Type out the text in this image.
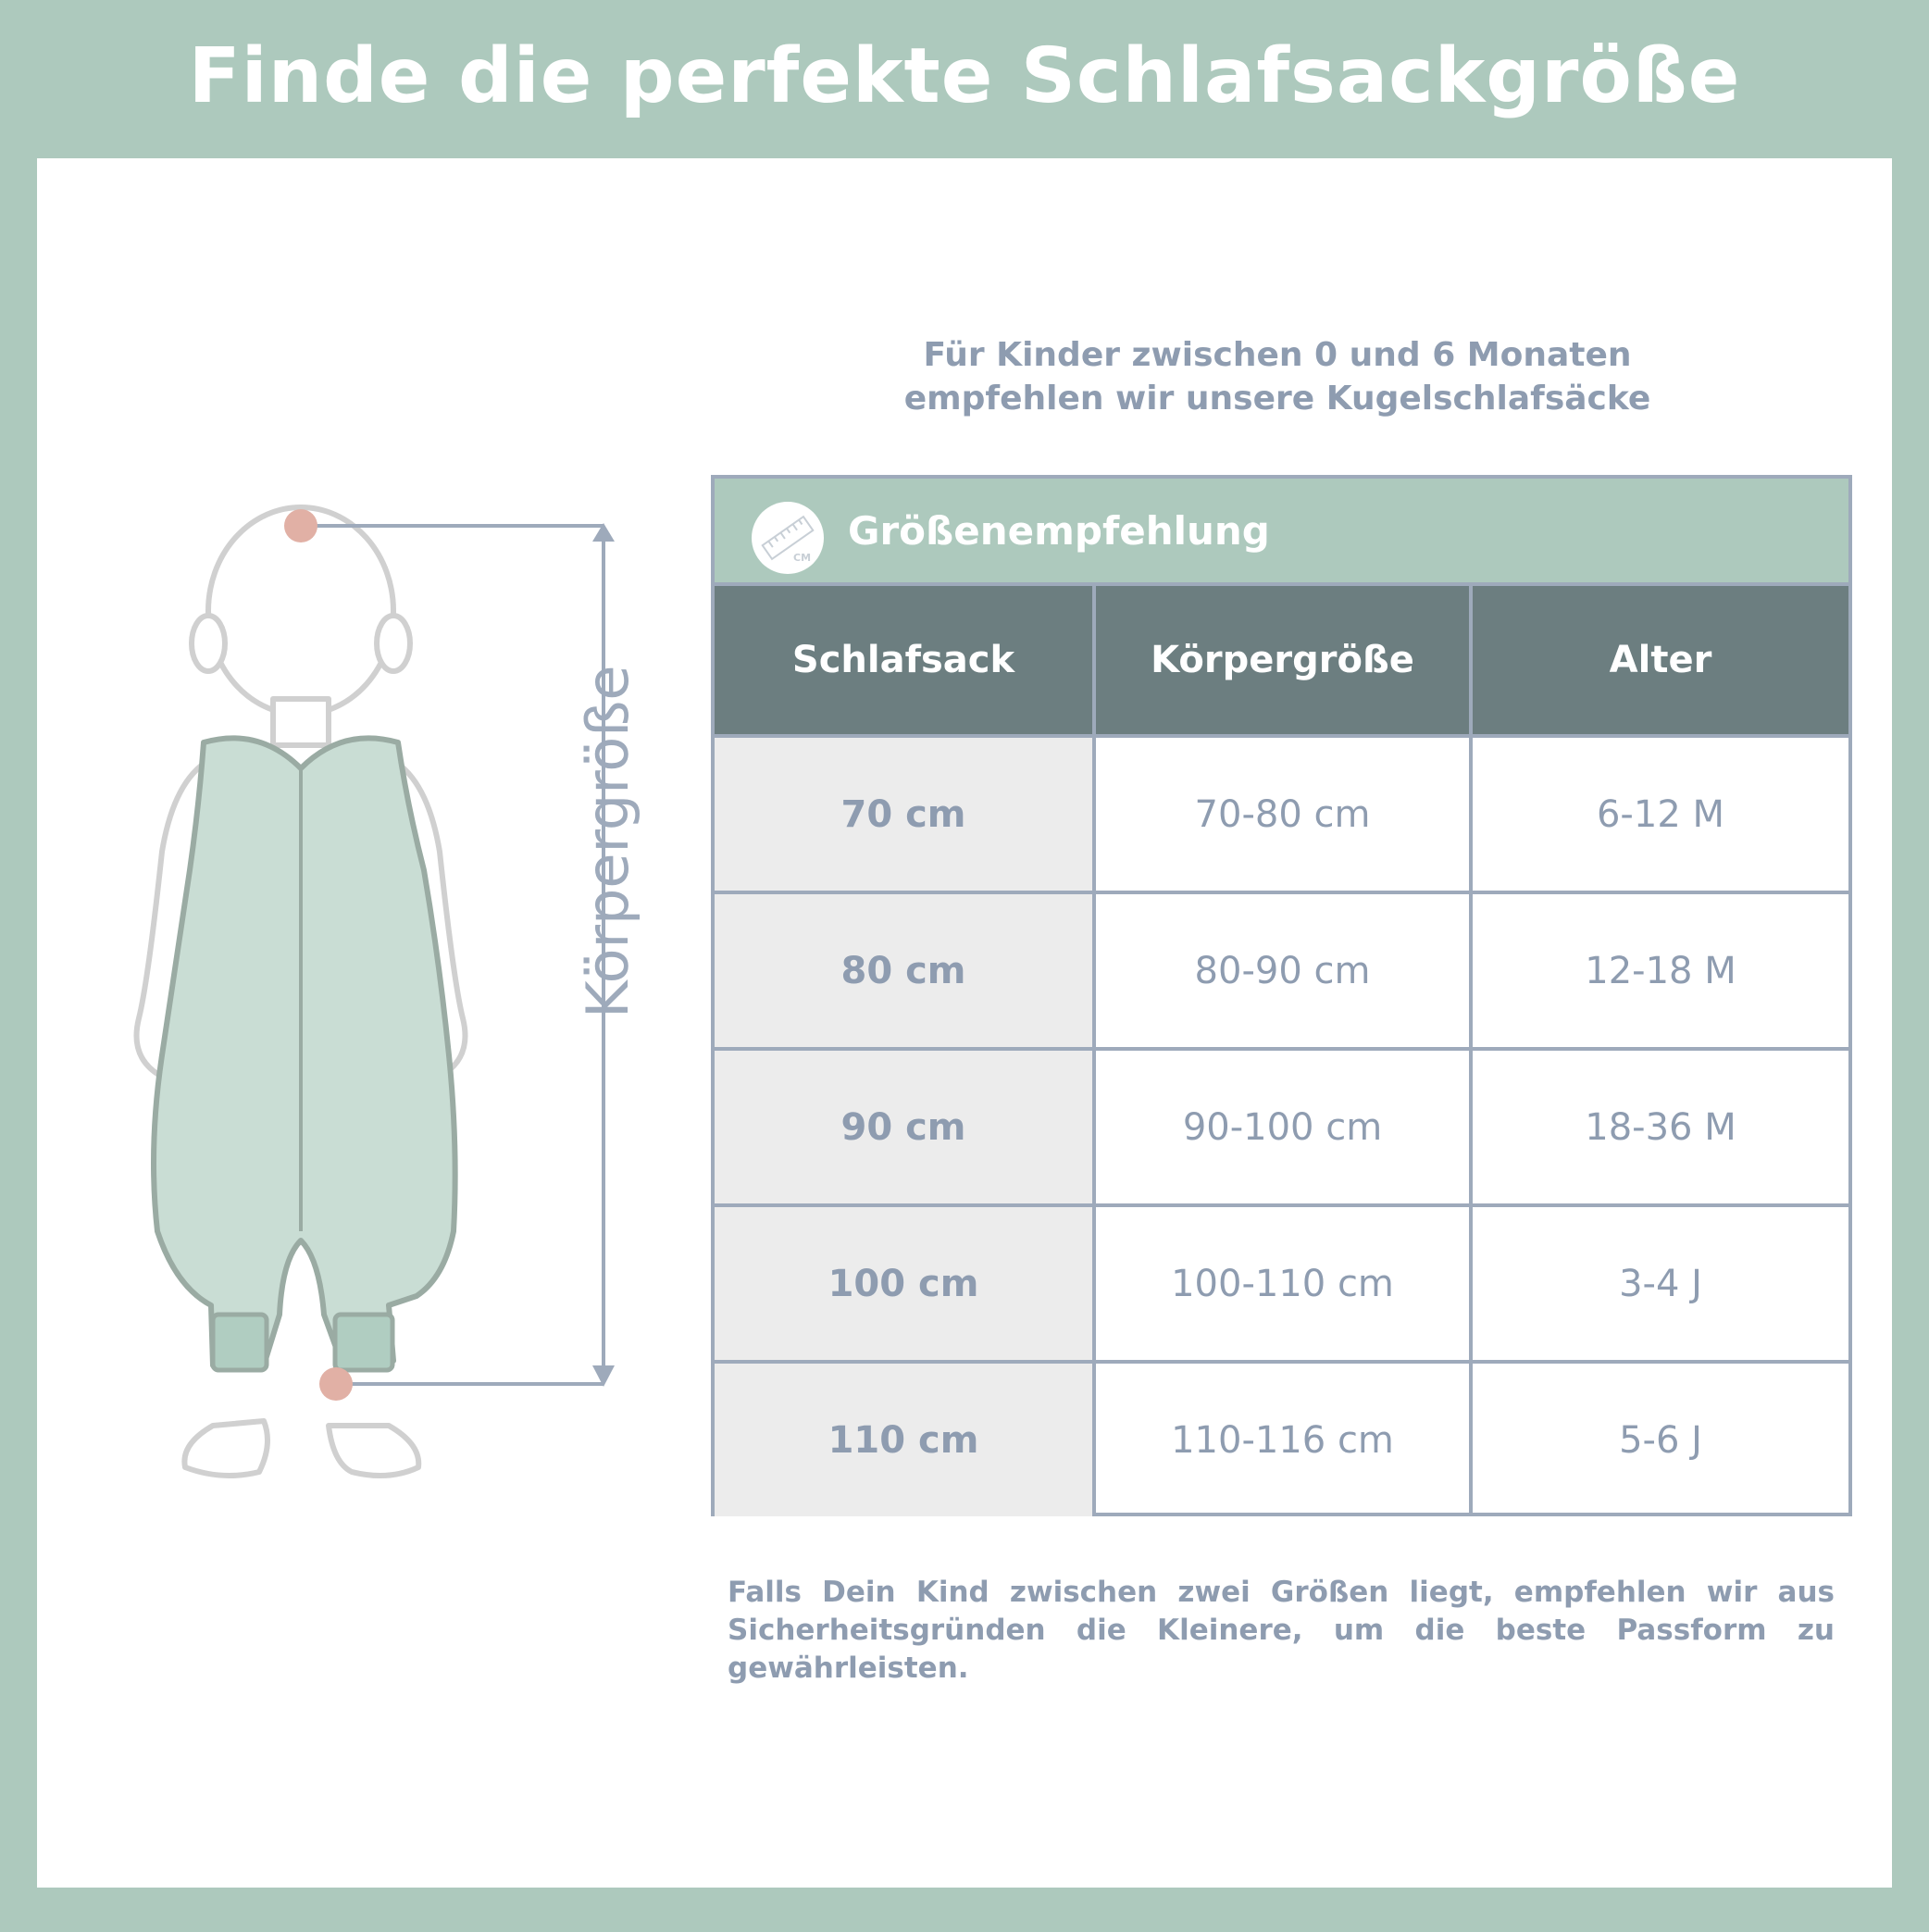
Finde die perfekte Schlafsackgröße
Körpergröße
Für Kinder zwischen 0 und 6 Monaten
empfehlen wir unsere Kugelschlafsäcke
CM
Größenempfehlung
Schlafsack	Körpergröße	Alter
70 cm	70-80 cm	6-12 M
80 cm	80-90 cm	12-18 M
90 cm	90-100 cm	18-36 M
100 cm	100-110 cm	3-4 J
110 cm	110-116 cm	5-6 J
Falls Dein Kind zwischen zwei Größen liegt, empfehlen wir aus Sicherheitsgründen die Kleinere, um die beste Passform zu gewährleisten.
